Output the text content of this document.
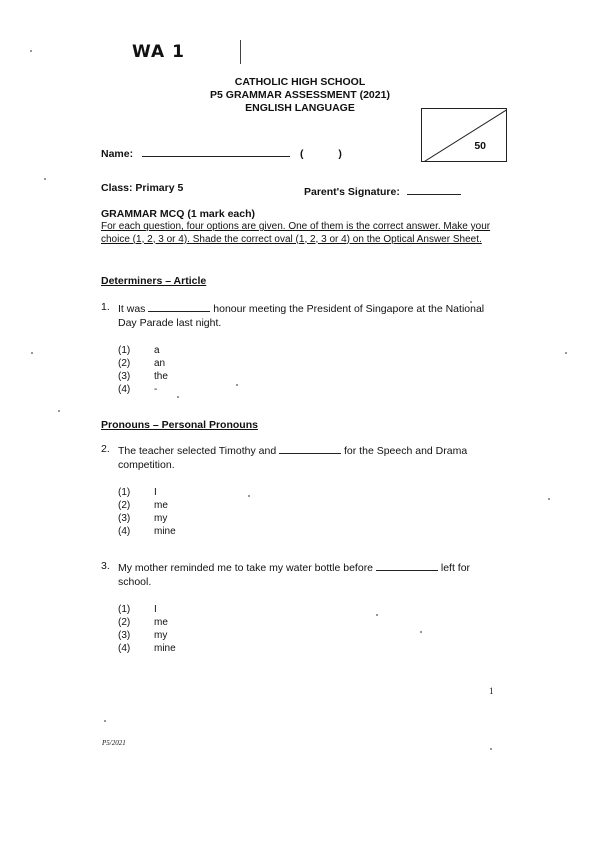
WA 1
CATHOLIC HIGH SCHOOL
P5 GRAMMAR ASSESSMENT (2021)
ENGLISH LANGUAGE
50
Name:	(	)
Class: Primary 5	Parent's Signature:
GRAMMAR MCQ (1 mark each)
For each question, four options are given. One of them is the correct answer. Make your choice (1, 2, 3 or 4). Shade the correct oval (1, 2, 3 or 4) on the Optical Answer Sheet.
Determiners – Article
1. It was	honour meeting the President of Singapore at the National Day Parade last night.
(1)	a
(2)	an
(3)	the
(4)	-
Pronouns – Personal Pronouns
2. The teacher selected Timothy and	for the Speech and Drama competition.
(1)	I
(2)	me
(3)	my
(4)	mine
3. My mother reminded me to take my water bottle before	left for school.
(1)	I
(2)	me
(3)	my
(4)	mine
1
P5/2021
